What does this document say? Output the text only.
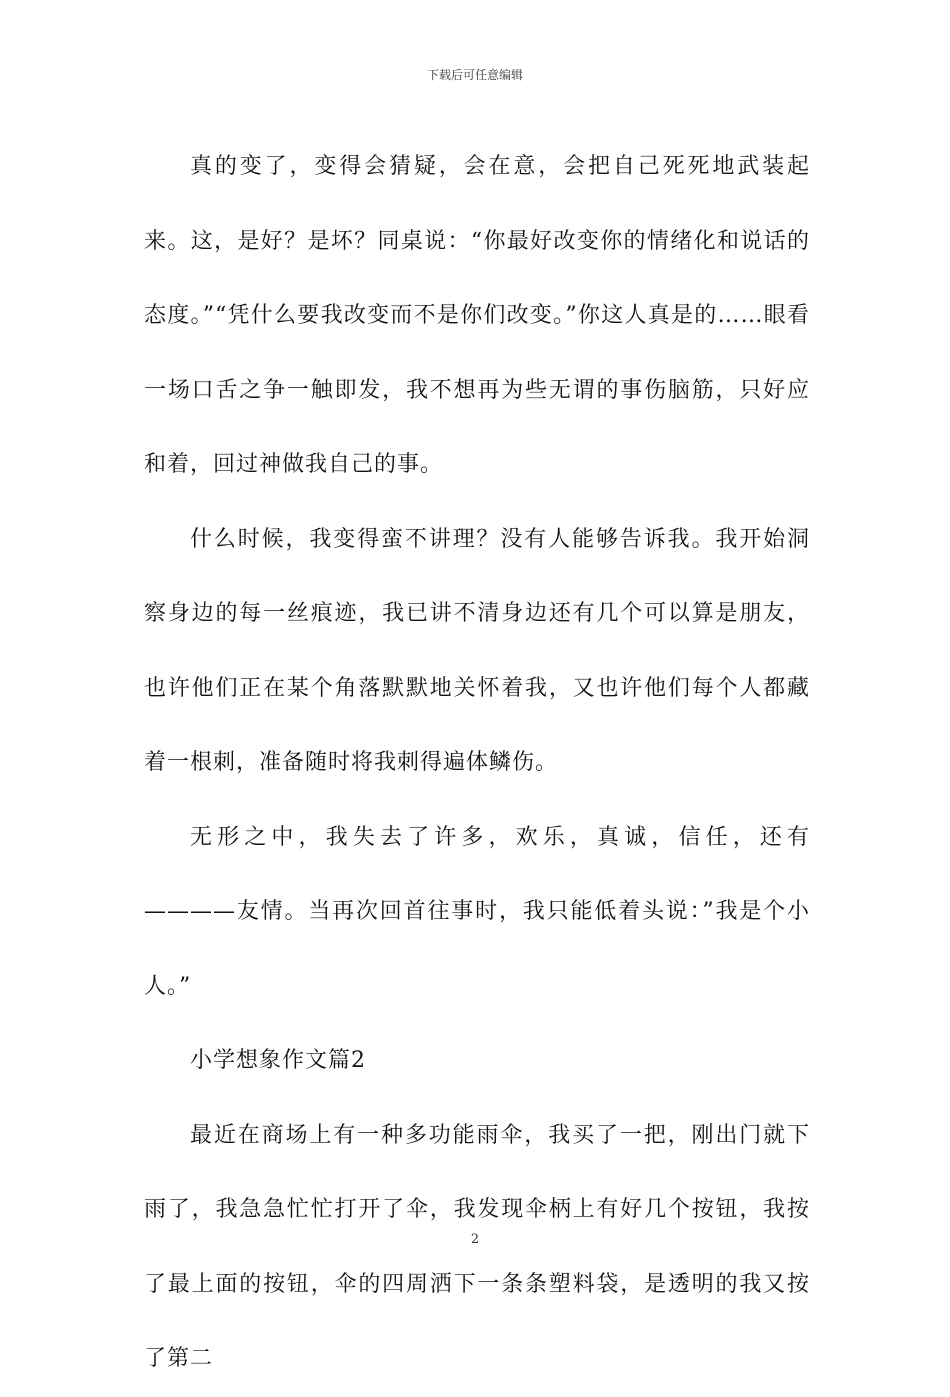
下载后可任意编辑

真的变了，变得会猜疑，会在意，会把自己死死地武装起来。这，是好？是坏？同桌说：“你最好改变你的情绪化和说话的态度。”“凭什么要我改变而不是你们改变。”你这人真是的……眼看一场口舌之争一触即发，我不想再为些无谓的事伤脑筋，只好应和着，回过神做我自己的事。

什么时候，我变得蛮不讲理？没有人能够告诉我。我开始洞察身边的每一丝痕迹，我已讲不清身边还有几个可以算是朋友，也许他们正在某个角落默默地关怀着我，又也许他们每个人都藏着一根刺，准备随时将我刺得遍体鳞伤。

无形之中，我失去了许多，欢乐，真诚，信任，还有————友情。当再次回首往事时，我只能低着头说：”我是个小人。”

小学想象作文篇2

最近在商场上有一种多功能雨伞，我买了一把，刚出门就下雨了，我急急忙忙打开了伞，我发现伞柄上有好几个按钮，我按了最上面的按钮，伞的四周洒下一条条塑料袋，是透明的我又按了第二

2
